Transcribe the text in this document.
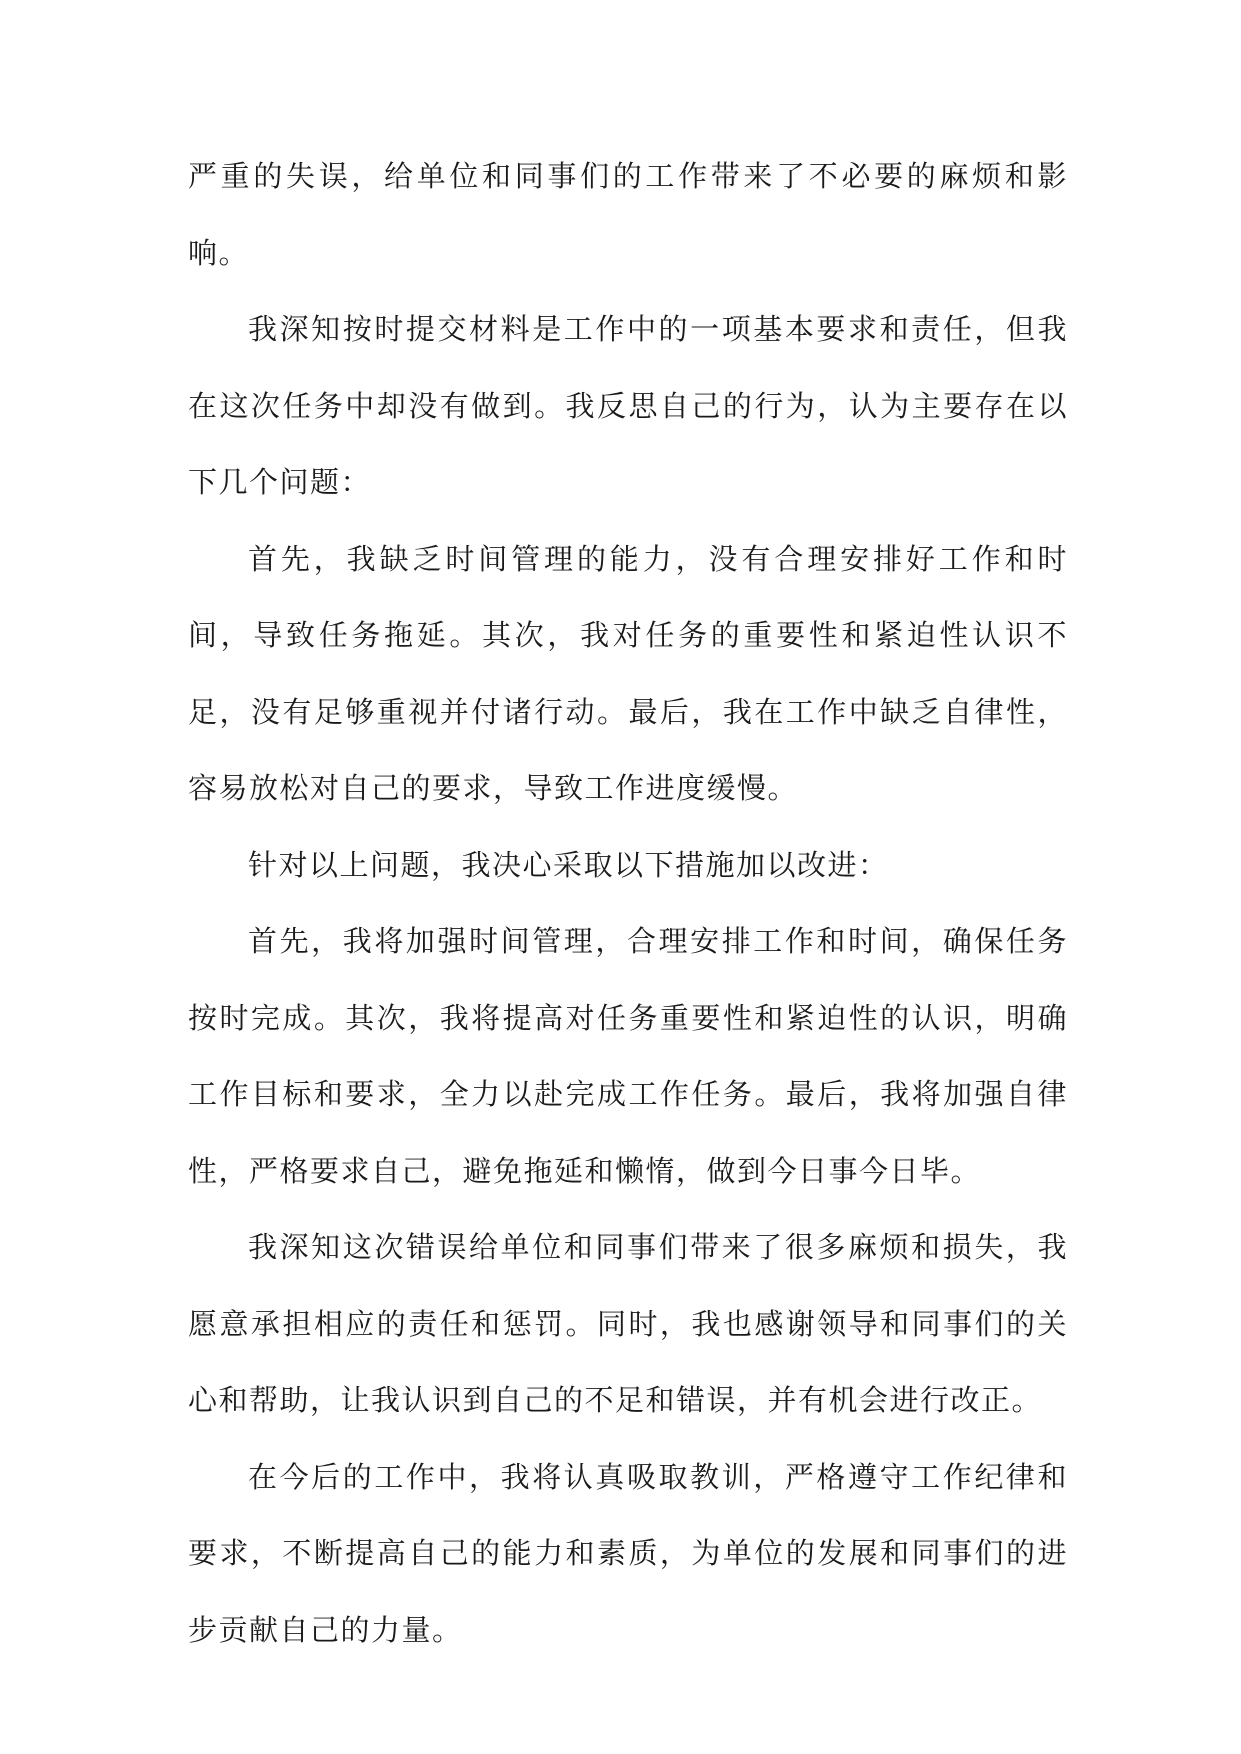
严重的失误，给单位和同事们的工作带来了不必要的麻烦和影响。

我深知按时提交材料是工作中的一项基本要求和责任，但我在这次任务中却没有做到。我反思自己的行为，认为主要存在以下几个问题：

首先，我缺乏时间管理的能力，没有合理安排好工作和时间，导致任务拖延。其次，我对任务的重要性和紧迫性认识不足，没有足够重视并付诸行动。最后，我在工作中缺乏自律性，容易放松对自己的要求，导致工作进度缓慢。

针对以上问题，我决心采取以下措施加以改进：

首先，我将加强时间管理，合理安排工作和时间，确保任务按时完成。其次，我将提高对任务重要性和紧迫性的认识，明确工作目标和要求，全力以赴完成工作任务。最后，我将加强自律性，严格要求自己，避免拖延和懒惰，做到今日事今日毕。

我深知这次错误给单位和同事们带来了很多麻烦和损失，我愿意承担相应的责任和惩罚。同时，我也感谢领导和同事们的关心和帮助，让我认识到自己的不足和错误，并有机会进行改正。

在今后的工作中，我将认真吸取教训，严格遵守工作纪律和要求，不断提高自己的能力和素质，为单位的发展和同事们的进步贡献自己的力量。
